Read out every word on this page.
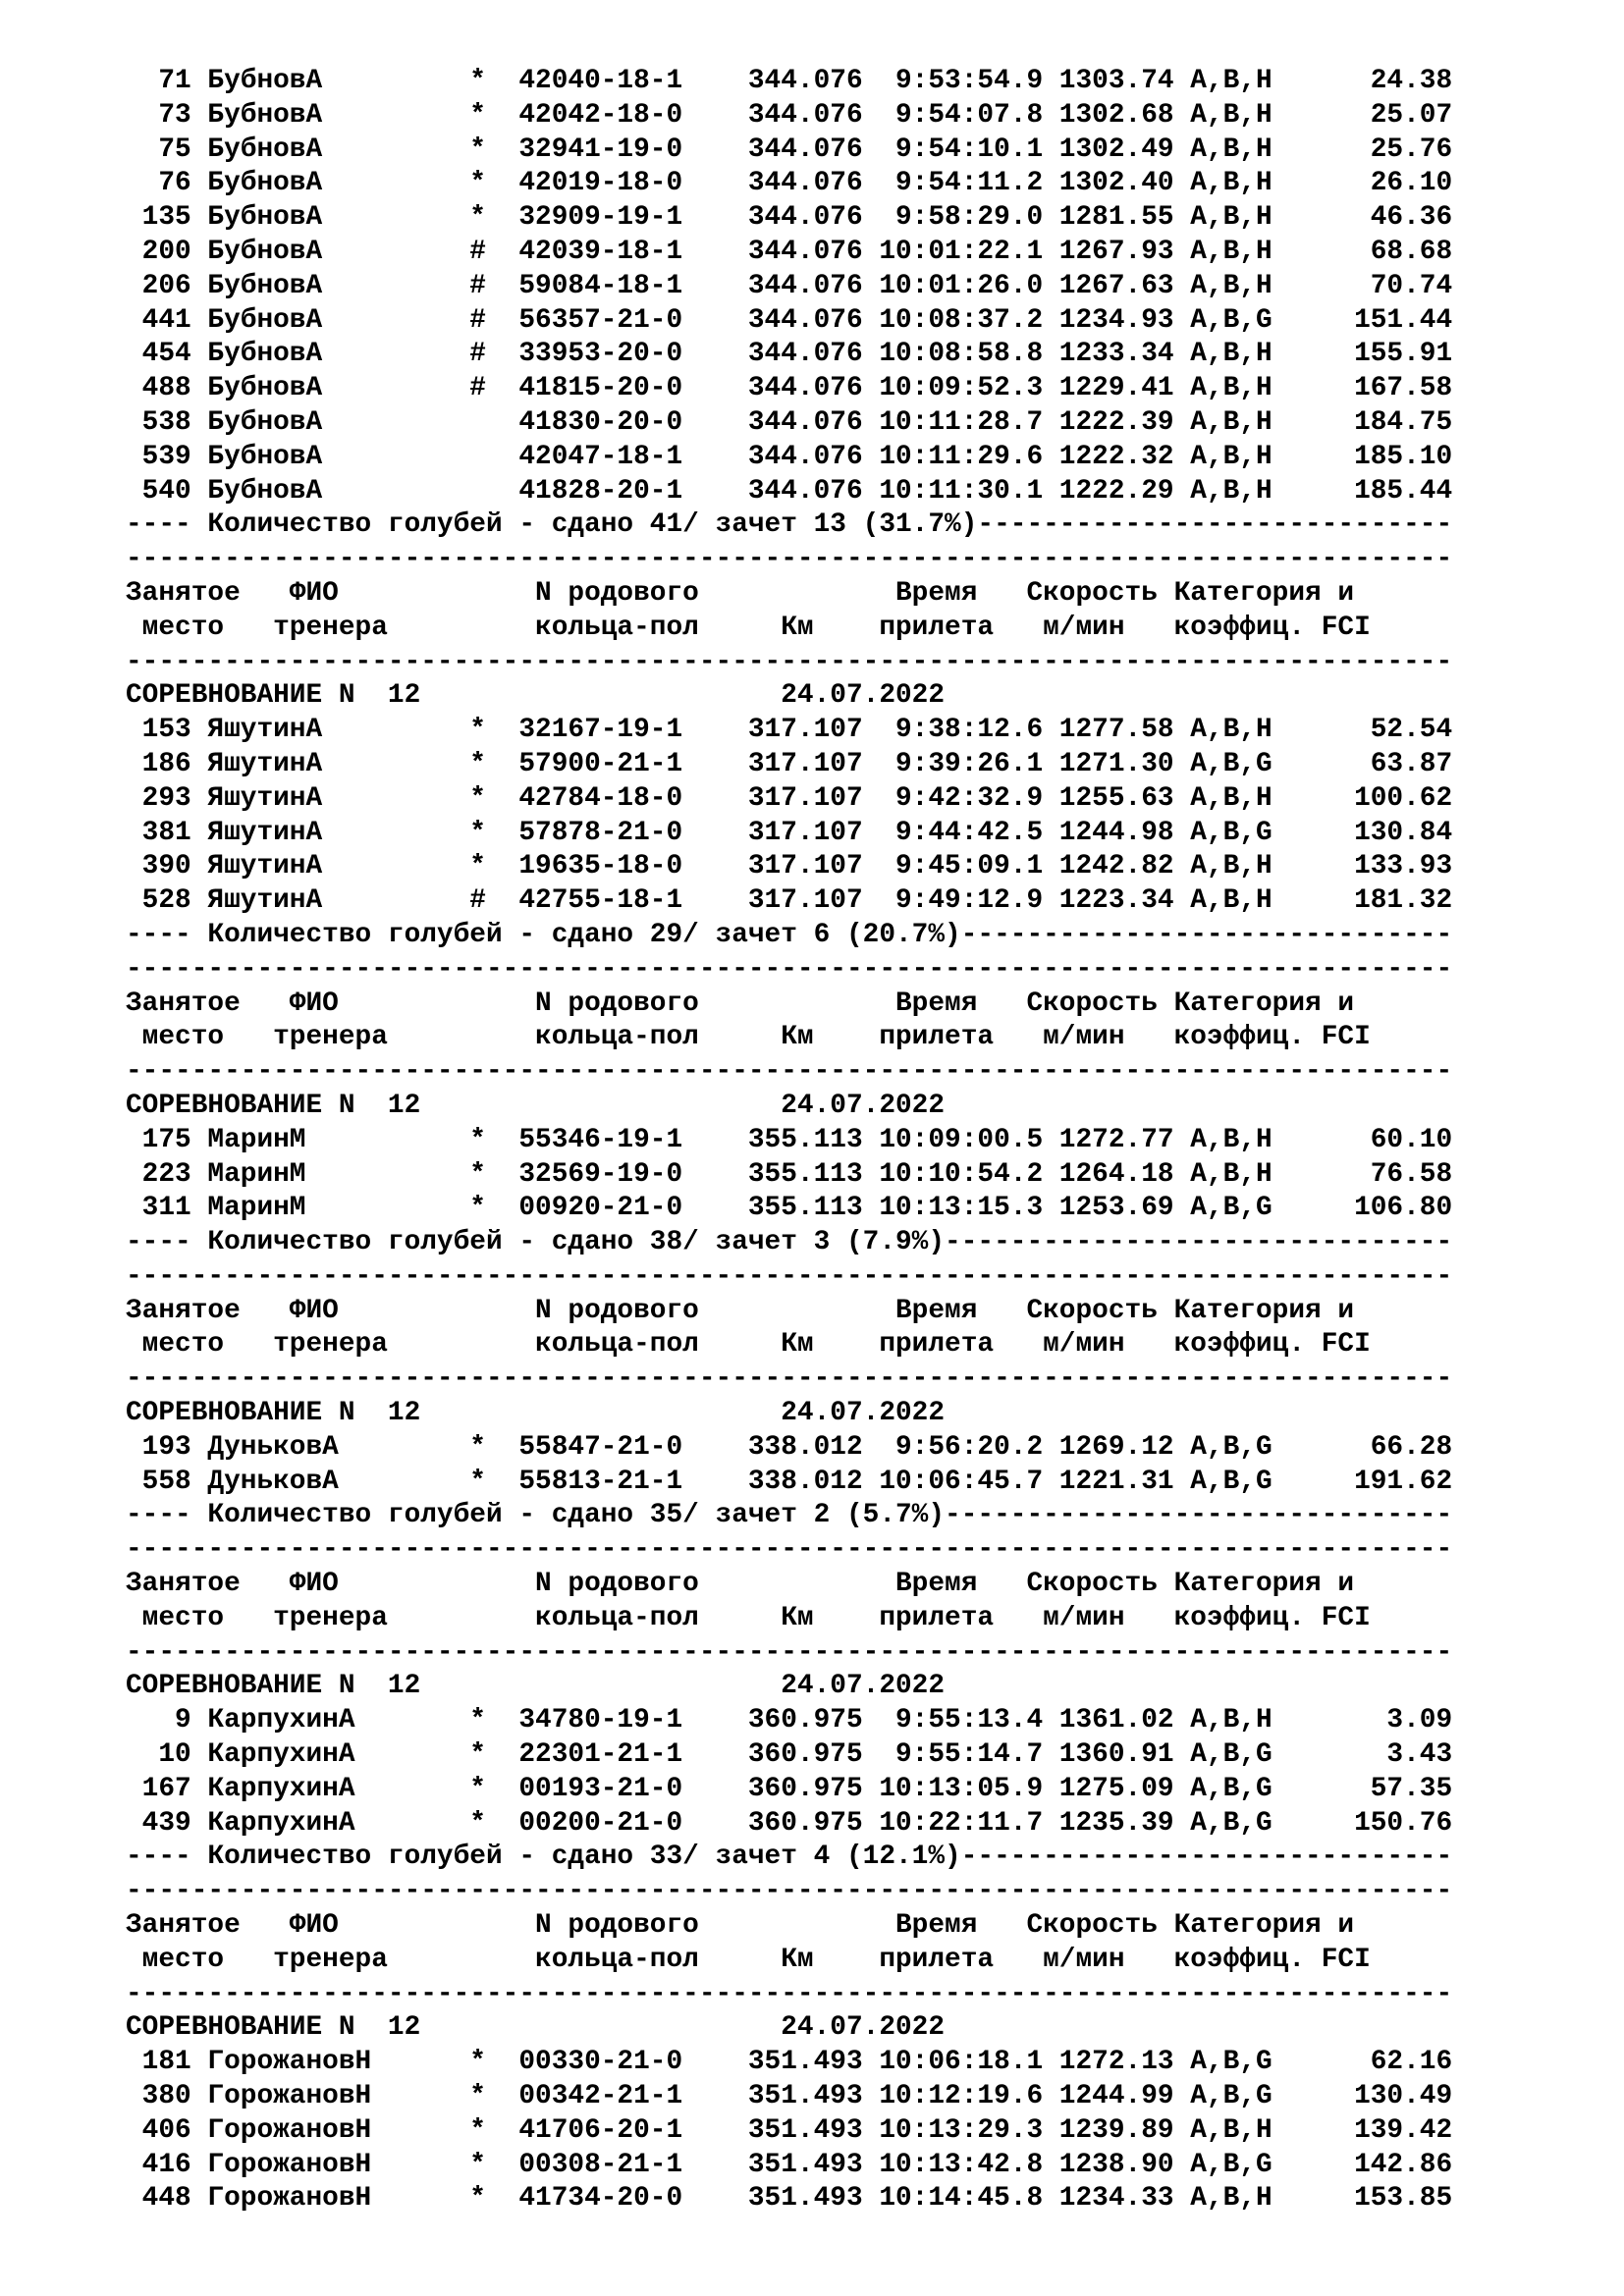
71 БубновА         *  42040-18-1    344.076  9:53:54.9 1303.74 A,B,H      24.38
73 БубновА         *  42042-18-0    344.076  9:54:07.8 1302.68 A,B,H      25.07
75 БубновА         *  32941-19-0    344.076  9:54:10.1 1302.49 A,B,H      25.76
76 БубновА         *  42019-18-0    344.076  9:54:11.2 1302.40 A,B,H      26.10
135 БубновА         *  32909-19-1    344.076  9:58:29.0 1281.55 A,B,H      46.36
200 БубновА         #  42039-18-1    344.076 10:01:22.1 1267.93 A,B,H      68.68
206 БубновА         #  59084-18-1    344.076 10:01:26.0 1267.63 A,B,H      70.74
441 БубновА         #  56357-21-0    344.076 10:08:37.2 1234.93 A,B,G     151.44
454 БубновА         #  33953-20-0    344.076 10:08:58.8 1233.34 A,B,H     155.91
488 БубновА         #  41815-20-0    344.076 10:09:52.3 1229.41 A,B,H     167.58
538 БубновА            41830-20-0    344.076 10:11:28.7 1222.39 A,B,H     184.75
539 БубновА            42047-18-1    344.076 10:11:29.6 1222.32 A,B,H     185.10
540 БубновА            41828-20-1    344.076 10:11:30.1 1222.29 A,B,H     185.44
---- Количество голубей - сдано 41/ зачет 13 (31.7%)-----------------------------
---------------------------------------------------------------------------------
Занятое   ФИО            N родового            Время   Скорость Категория и
место   тренера         кольца-пол     Км    прилета   м/мин   коэффиц. FCI
---------------------------------------------------------------------------------
СОРЕВНОВАНИЕ N  12                      24.07.2022
153 ЯшутинА         *  32167-19-1    317.107  9:38:12.6 1277.58 A,B,H      52.54
186 ЯшутинА         *  57900-21-1    317.107  9:39:26.1 1271.30 A,B,G      63.87
293 ЯшутинА         *  42784-18-0    317.107  9:42:32.9 1255.63 A,B,H     100.62
381 ЯшутинА         *  57878-21-0    317.107  9:44:42.5 1244.98 A,B,G     130.84
390 ЯшутинА         *  19635-18-0    317.107  9:45:09.1 1242.82 A,B,H     133.93
528 ЯшутинА         #  42755-18-1    317.107  9:49:12.9 1223.34 A,B,H     181.32
---- Количество голубей - сдано 29/ зачет 6 (20.7%)------------------------------
---------------------------------------------------------------------------------
Занятое   ФИО            N родового            Время   Скорость Категория и
место   тренера         кольца-пол     Км    прилета   м/мин   коэффиц. FCI
---------------------------------------------------------------------------------
СОРЕВНОВАНИЕ N  12                      24.07.2022
175 МаринМ          *  55346-19-1    355.113 10:09:00.5 1272.77 A,B,H      60.10
223 МаринМ          *  32569-19-0    355.113 10:10:54.2 1264.18 A,B,H      76.58
311 МаринМ          *  00920-21-0    355.113 10:13:15.3 1253.69 A,B,G     106.80
---- Количество голубей - сдано 38/ зачет 3 (7.9%)-------------------------------
---------------------------------------------------------------------------------
Занятое   ФИО            N родового            Время   Скорость Категория и
место   тренера         кольца-пол     Км    прилета   м/мин   коэффиц. FCI
---------------------------------------------------------------------------------
СОРЕВНОВАНИЕ N  12                      24.07.2022
193 ДуньковА        *  55847-21-0    338.012  9:56:20.2 1269.12 A,B,G      66.28
558 ДуньковА        *  55813-21-1    338.012 10:06:45.7 1221.31 A,B,G     191.62
---- Количество голубей - сдано 35/ зачет 2 (5.7%)-------------------------------
---------------------------------------------------------------------------------
Занятое   ФИО            N родового            Время   Скорость Категория и
место   тренера         кольца-пол     Км    прилета   м/мин   коэффиц. FCI
---------------------------------------------------------------------------------
СОРЕВНОВАНИЕ N  12                      24.07.2022
9 КарпухинА       *  34780-19-1    360.975  9:55:13.4 1361.02 A,B,H       3.09
10 КарпухинА       *  22301-21-1    360.975  9:55:14.7 1360.91 A,B,G       3.43
167 КарпухинА       *  00193-21-0    360.975 10:13:05.9 1275.09 A,B,G      57.35
439 КарпухинА       *  00200-21-0    360.975 10:22:11.7 1235.39 A,B,G     150.76
---- Количество голубей - сдано 33/ зачет 4 (12.1%)------------------------------
---------------------------------------------------------------------------------
Занятое   ФИО            N родового            Время   Скорость Категория и
место   тренера         кольца-пол     Км    прилета   м/мин   коэффиц. FCI
---------------------------------------------------------------------------------
СОРЕВНОВАНИЕ N  12                      24.07.2022
181 ГорожановН      *  00330-21-0    351.493 10:06:18.1 1272.13 A,B,G      62.16
380 ГорожановН      *  00342-21-1    351.493 10:12:19.6 1244.99 A,B,G     130.49
406 ГорожановН      *  41706-20-1    351.493 10:13:29.3 1239.89 A,B,H     139.42
416 ГорожановН      *  00308-21-1    351.493 10:13:42.8 1238.90 A,B,G     142.86
448 ГорожановН      *  41734-20-0    351.493 10:14:45.8 1234.33 A,B,H     153.85
